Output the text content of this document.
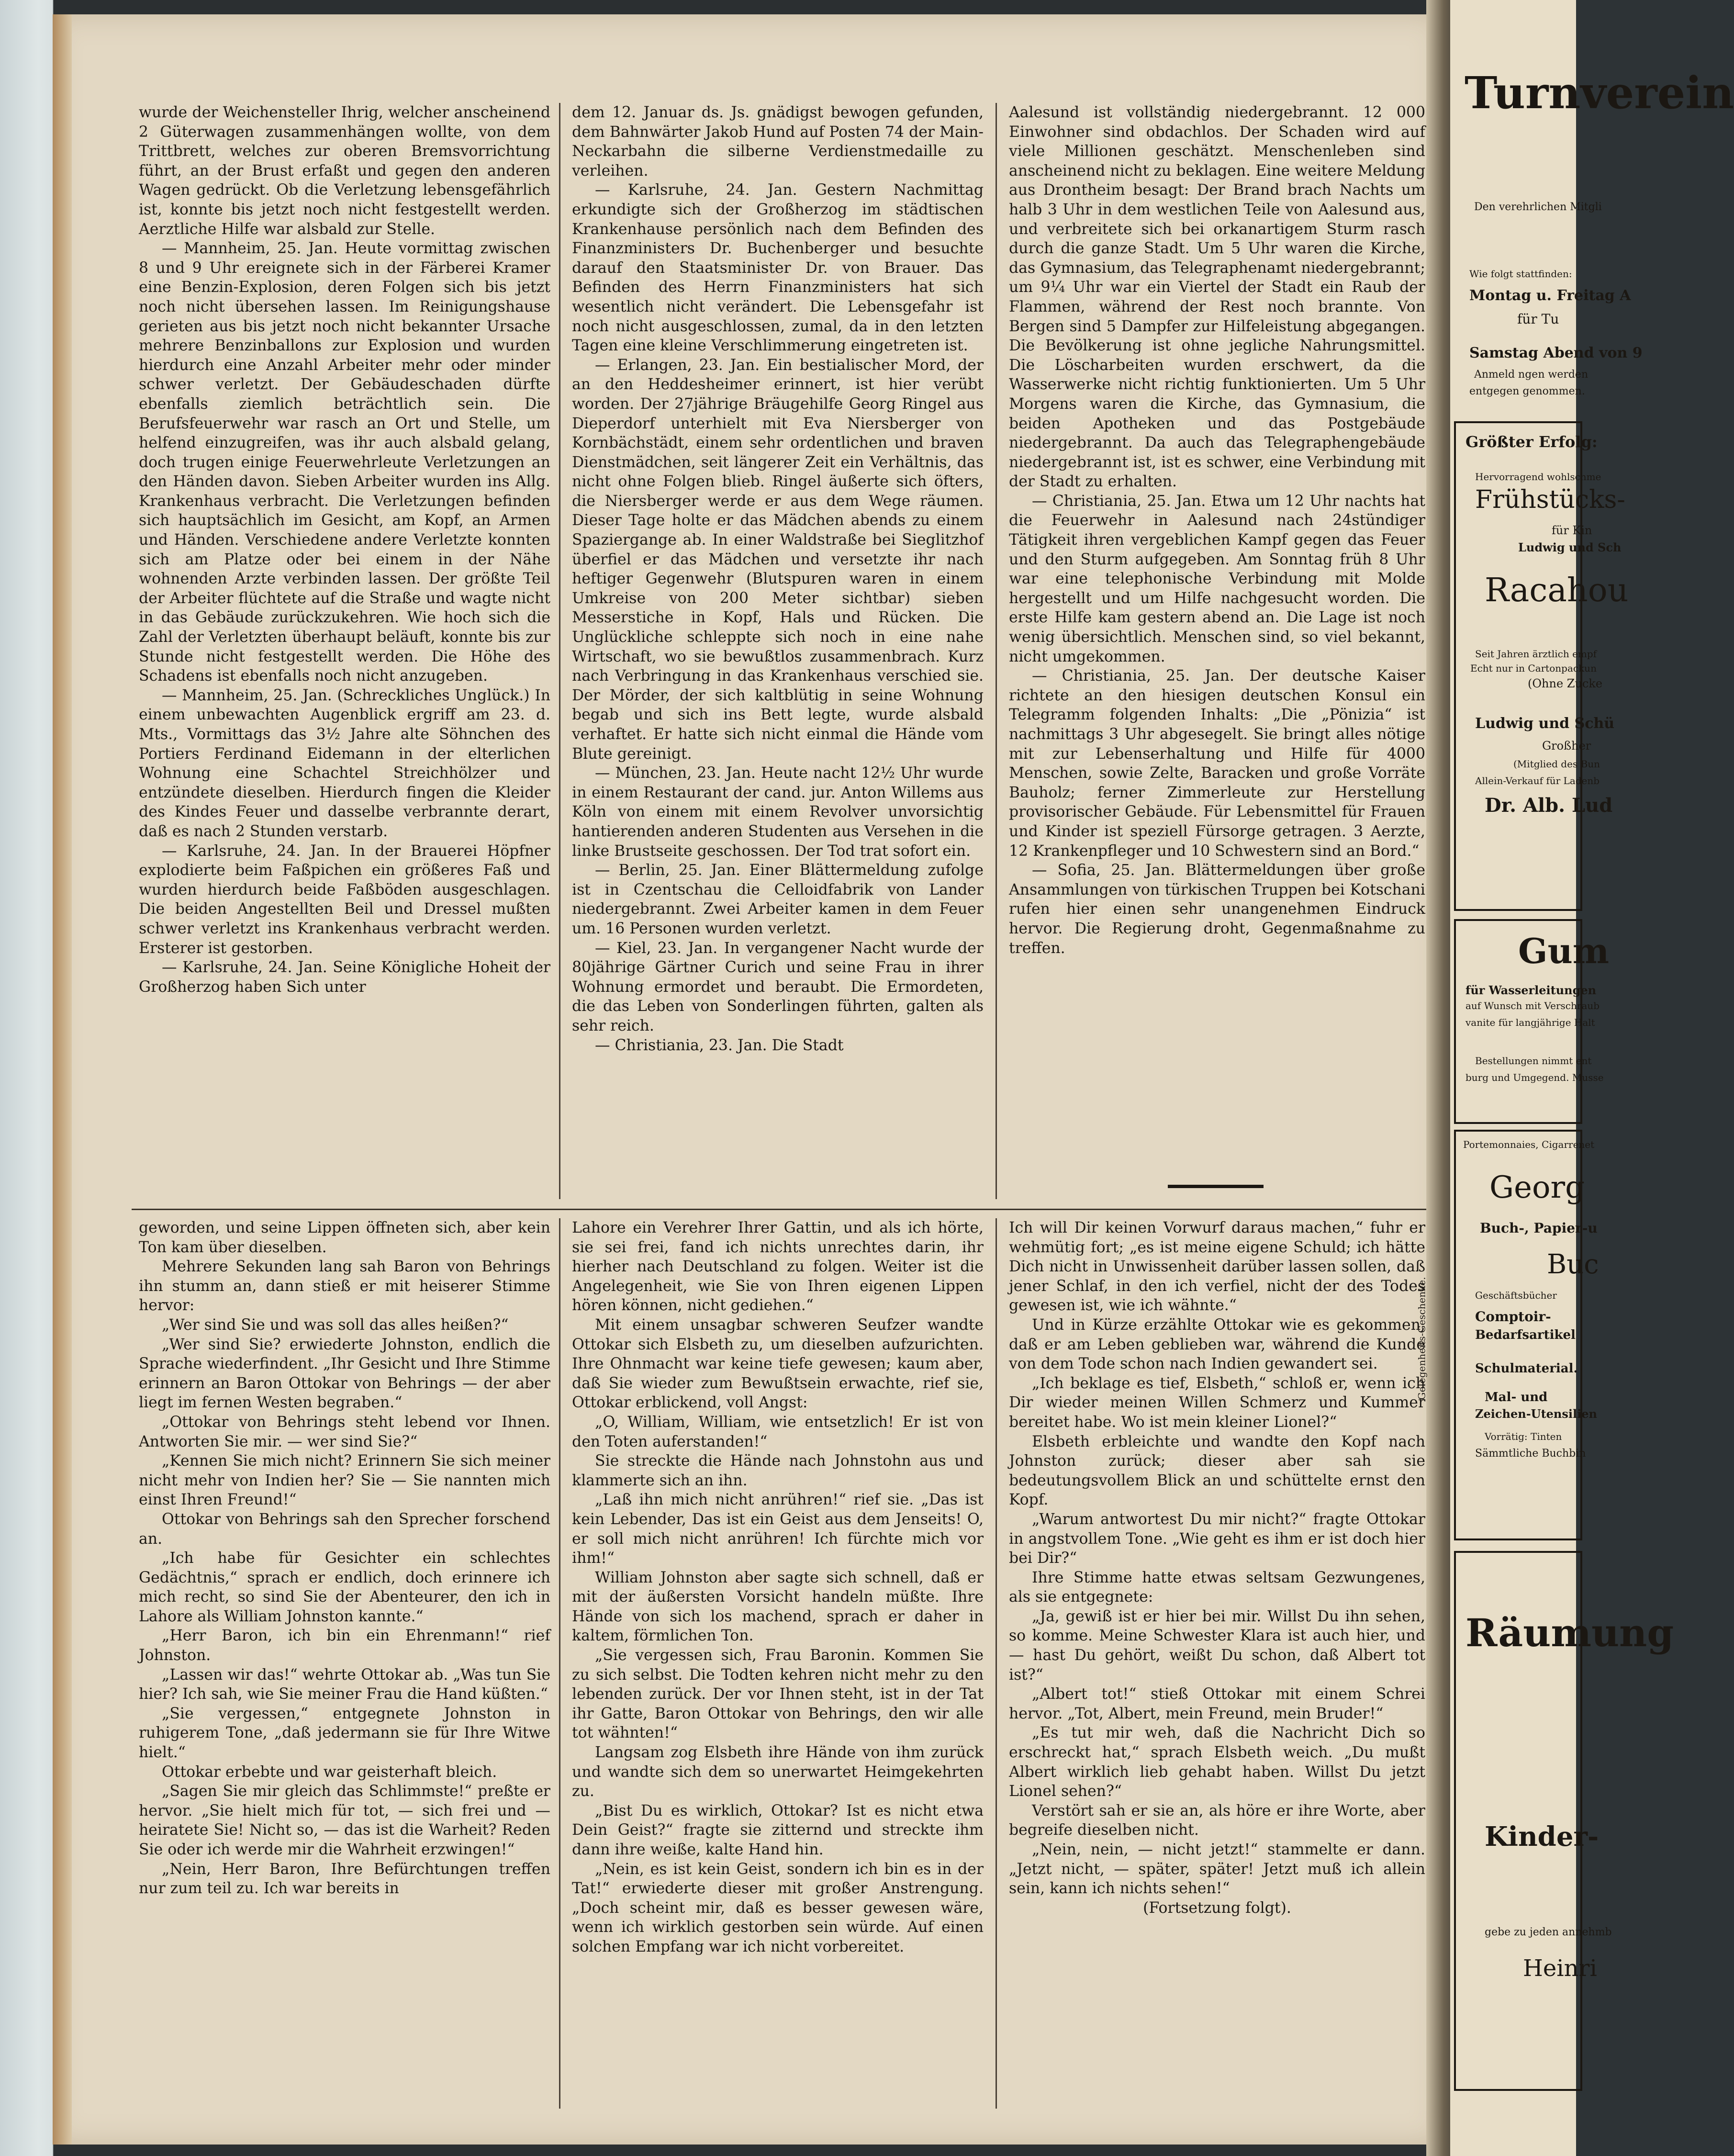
wurde der Weichensteller Ihrig, welcher anscheinend 2 Güterwagen zusammenhängen wollte, von dem Trittbrett, welches zur oberen Bremsvorrichtung führt, an der Brust erfaßt und gegen den anderen Wagen gedrückt. Ob die Verletzung lebensgefährlich ist, konnte bis jetzt noch nicht festgestellt werden. Aerztliche Hilfe war alsbald zur Stelle.

— Mannheim, 25. Jan. Heute vormittag zwischen 8 und 9 Uhr ereignete sich in der Färberei Kramer eine Benzin-Explosion, deren Folgen sich bis jetzt noch nicht übersehen lassen. Im Reinigungshause gerieten aus bis jetzt noch nicht bekannter Ursache mehrere Benzinballons zur Explosion und wurden hierdurch eine Anzahl Arbeiter mehr oder minder schwer verletzt. Der Gebäudeschaden dürfte ebenfalls ziemlich beträchtlich sein. Die Berufsfeuerwehr war rasch an Ort und Stelle, um helfend einzugreifen, was ihr auch alsbald gelang, doch trugen einige Feuerwehrleute Verletzungen an den Händen davon. Sieben Arbeiter wurden ins Allg. Krankenhaus verbracht. Die Verletzungen befinden sich hauptsächlich im Gesicht, am Kopf, an Armen und Händen. Verschiedene andere Verletzte konnten sich am Platze oder bei einem in der Nähe wohnenden Arzte verbinden lassen. Der größte Teil der Arbeiter flüchtete auf die Straße und wagte nicht in das Gebäude zurückzukehren. Wie hoch sich die Zahl der Verletzten überhaupt beläuft, konnte bis zur Stunde nicht festgestellt werden. Die Höhe des Schadens ist ebenfalls noch nicht anzugeben.

— Mannheim, 25. Jan. (Schreckliches Unglück.) In einem unbewachten Augenblick ergriff am 23. d. Mts., Vormittags das 3½ Jahre alte Söhnchen des Portiers Ferdinand Eidemann in der elterlichen Wohnung eine Schachtel Streichhölzer und entzündete dieselben. Hierdurch fingen die Kleider des Kindes Feuer und dasselbe verbrannte derart, daß es nach 2 Stunden verstarb.

— Karlsruhe, 24. Jan. In der Brauerei Höpfner explodierte beim Faßpichen ein größeres Faß und wurden hierdurch beide Faßböden ausgeschlagen. Die beiden Angestellten Beil und Dressel mußten schwer verletzt ins Krankenhaus verbracht werden. Ersterer ist gestorben.

— Karlsruhe, 24. Jan. Seine Königliche Hoheit der Großherzog haben Sich unter

dem 12. Januar ds. Js. gnädigst bewogen gefunden, dem Bahnwärter Jakob Hund auf Posten 74 der Main-Neckarbahn die silberne Verdienstmedaille zu verleihen.

— Karlsruhe, 24. Jan. Gestern Nachmittag erkundigte sich der Großherzog im städtischen Krankenhause persönlich nach dem Befinden des Finanzministers Dr. Buchenberger und besuchte darauf den Staatsminister Dr. von Brauer. Das Befinden des Herrn Finanzministers hat sich wesentlich nicht verändert. Die Lebensgefahr ist noch nicht ausgeschlossen, zumal, da in den letzten Tagen eine kleine Verschlimmerung eingetreten ist.

— Erlangen, 23. Jan. Ein bestialischer Mord, der an den Heddesheimer erinnert, ist hier verübt worden. Der 27jährige Bräugehilfe Georg Ringel aus Dieperdorf unterhielt mit Eva Niersberger von Kornbächstädt, einem sehr ordentlichen und braven Dienstmädchen, seit längerer Zeit ein Verhältnis, das nicht ohne Folgen blieb. Ringel äußerte sich öfters, die Niersberger werde er aus dem Wege räumen. Dieser Tage holte er das Mädchen abends zu einem Spaziergange ab. In einer Waldstraße bei Sieglitzhof überfiel er das Mädchen und versetzte ihr nach heftiger Gegenwehr (Blutspuren waren in einem Umkreise von 200 Meter sichtbar) sieben Messerstiche in Kopf, Hals und Rücken. Die Unglückliche schleppte sich noch in eine nahe Wirtschaft, wo sie bewußtlos zusammenbrach. Kurz nach Verbringung in das Krankenhaus verschied sie. Der Mörder, der sich kaltblütig in seine Wohnung begab und sich ins Bett legte, wurde alsbald verhaftet. Er hatte sich nicht einmal die Hände vom Blute gereinigt.

— München, 23. Jan. Heute nacht 12½ Uhr wurde in einem Restaurant der cand. jur. Anton Willems aus Köln von einem mit einem Revolver unvorsichtig hantierenden anderen Studenten aus Versehen in die linke Brustseite geschossen. Der Tod trat sofort ein.

— Berlin, 25. Jan. Einer Blättermeldung zufolge ist in Czentschau die Celloidfabrik von Lander niedergebrannt. Zwei Arbeiter kamen in dem Feuer um. 16 Personen wurden verletzt.

— Kiel, 23. Jan. In vergangener Nacht wurde der 80jährige Gärtner Curich und seine Frau in ihrer Wohnung ermordet und beraubt. Die Ermordeten, die das Leben von Sonderlingen führten, galten als sehr reich.

— Christiania, 23. Jan. Die Stadt

Aalesund ist vollständig niedergebrannt. 12 000 Einwohner sind obdachlos. Der Schaden wird auf viele Millionen geschätzt. Menschenleben sind anscheinend nicht zu beklagen. Eine weitere Meldung aus Drontheim besagt: Der Brand brach Nachts um halb 3 Uhr in dem westlichen Teile von Aalesund aus, und verbreitete sich bei orkanartigem Sturm rasch durch die ganze Stadt. Um 5 Uhr waren die Kirche, das Gymnasium, das Telegraphenamt niedergebrannt; um 9¼ Uhr war ein Viertel der Stadt ein Raub der Flammen, während der Rest noch brannte. Von Bergen sind 5 Dampfer zur Hilfeleistung abgegangen. Die Bevölkerung ist ohne jegliche Nahrungsmittel. Die Löscharbeiten wurden erschwert, da die Wasserwerke nicht richtig funktionierten. Um 5 Uhr Morgens waren die Kirche, das Gymnasium, die beiden Apotheken und das Postgebäude niedergebrannt. Da auch das Telegraphengebäude niedergebrannt ist, ist es schwer, eine Verbindung mit der Stadt zu erhalten.

— Christiania, 25. Jan. Etwa um 12 Uhr nachts hat die Feuerwehr in Aalesund nach 24stündiger Tätigkeit ihren vergeblichen Kampf gegen das Feuer und den Sturm aufgegeben. Am Sonntag früh 8 Uhr war eine telephonische Verbindung mit Molde hergestellt und um Hilfe nachgesucht worden. Die erste Hilfe kam gestern abend an. Die Lage ist noch wenig übersichtlich. Menschen sind, so viel bekannt, nicht umgekommen.

— Christiania, 25. Jan. Der deutsche Kaiser richtete an den hiesigen deutschen Konsul ein Telegramm folgenden Inhalts: „Die „Pönizia“ ist nachmittags 3 Uhr abgesegelt. Sie bringt alles nötige mit zur Lebenserhaltung und Hilfe für 4000 Menschen, sowie Zelte, Baracken und große Vorräte Bauholz; ferner Zimmerleute zur Herstellung provisorischer Gebäude. Für Lebensmittel für Frauen und Kinder ist speziell Fürsorge getragen. 3 Aerzte, 12 Krankenpfleger und 10 Schwestern sind an Bord.“

— Sofia, 25. Jan. Blättermeldungen über große Ansammlungen von türkischen Truppen bei Kotschani rufen hier einen sehr unangenehmen Eindruck hervor. Die Regierung droht, Gegenmaßnahme zu treffen.

geworden, und seine Lippen öffneten sich, aber kein Ton kam über dieselben.

Mehrere Sekunden lang sah Baron von Behrings ihn stumm an, dann stieß er mit heiserer Stimme hervor:

„Wer sind Sie und was soll das alles heißen?“

„Wer sind Sie? erwiederte Johnston, endlich die Sprache wiederfindent. „Ihr Gesicht und Ihre Stimme erinnern an Baron Ottokar von Behrings — der aber liegt im fernen Westen begraben.“

„Ottokar von Behrings steht lebend vor Ihnen. Antworten Sie mir. — wer sind Sie?“

„Kennen Sie mich nicht? Erinnern Sie sich meiner nicht mehr von Indien her? Sie — Sie nannten mich einst Ihren Freund!“

Ottokar von Behrings sah den Sprecher forschend an.

„Ich habe für Gesichter ein schlechtes Gedächtnis,“ sprach er endlich, doch erinnere ich mich recht, so sind Sie der Abenteurer, den ich in Lahore als William Johnston kannte.“

„Herr Baron, ich bin ein Ehrenmann!“ rief Johnston.

„Lassen wir das!“ wehrte Ottokar ab. „Was tun Sie hier? Ich sah, wie Sie meiner Frau die Hand küßten.“

„Sie vergessen,“ entgegnete Johnston in ruhigerem Tone, „daß jedermann sie für Ihre Witwe hielt.“

Ottokar erbebte und war geisterhaft bleich.

„Sagen Sie mir gleich das Schlimmste!“ preßte er hervor. „Sie hielt mich für tot, — sich frei und — heiratete Sie! Nicht so, — das ist die Warheit? Reden Sie oder ich werde mir die Wahrheit erzwingen!“

„Nein, Herr Baron, Ihre Befürchtungen treffen nur zum teil zu. Ich war bereits in

Lahore ein Verehrer Ihrer Gattin, und als ich hörte, sie sei frei, fand ich nichts unrechtes darin, ihr hierher nach Deutschland zu folgen. Weiter ist die Angelegenheit, wie Sie von Ihren eigenen Lippen hören können, nicht gediehen.“

Mit einem unsagbar schweren Seufzer wandte Ottokar sich Elsbeth zu, um dieselben aufzurichten. Ihre Ohnmacht war keine tiefe gewesen; kaum aber, daß Sie wieder zum Bewußtsein erwachte, rief sie, Ottokar erblickend, voll Angst:

„O, William, William, wie entsetzlich! Er ist von den Toten auferstanden!“

Sie streckte die Hände nach Johnstohn aus und klammerte sich an ihn.

„Laß ihn mich nicht anrühren!“ rief sie. „Das ist kein Lebender, Das ist ein Geist aus dem Jenseits! O, er soll mich nicht anrühren! Ich fürchte mich vor ihm!“

William Johnston aber sagte sich schnell, daß er mit der äußersten Vorsicht handeln müßte. Ihre Hände von sich los machend, sprach er daher in kaltem, förmlichen Ton.

„Sie vergessen sich, Frau Baronin. Kommen Sie zu sich selbst. Die Todten kehren nicht mehr zu den lebenden zurück. Der vor Ihnen steht, ist in der Tat ihr Gatte, Baron Ottokar von Behrings, den wir alle tot wähnten!“

Langsam zog Elsbeth ihre Hände von ihm zurück und wandte sich dem so unerwartet Heimgekehrten zu.

„Bist Du es wirklich, Ottokar? Ist es nicht etwa Dein Geist?“ fragte sie zitternd und streckte ihm dann ihre weiße, kalte Hand hin.

„Nein, es ist kein Geist, sondern ich bin es in der Tat!“ erwiederte dieser mit großer Anstrengung. „Doch scheint mir, daß es besser gewesen wäre, wenn ich wirklich gestorben sein würde. Auf einen solchen Empfang war ich nicht vorbereitet.

Ich will Dir keinen Vorwurf daraus machen,“ fuhr er wehmütig fort; „es ist meine eigene Schuld; ich hätte Dich nicht in Unwissenheit darüber lassen sollen, daß jener Schlaf, in den ich verfiel, nicht der des Todes gewesen ist, wie ich wähnte.“

Und in Kürze erzählte Ottokar wie es gekommen, daß er am Leben geblieben war, während die Kunde von dem Tode schon nach Indien gewandert sei.

„Ich beklage es tief, Elsbeth,“ schloß er, wenn ich Dir wieder meinen Willen Schmerz und Kummer bereitet habe. Wo ist mein kleiner Lionel?“

Elsbeth erbleichte und wandte den Kopf nach Johnston zurück; dieser aber sah sie bedeutungsvollem Blick an und schüttelte ernst den Kopf.

„Warum antwortest Du mir nicht?“ fragte Ottokar in angstvollem Tone. „Wie geht es ihm er ist doch hier bei Dir?“

Ihre Stimme hatte etwas seltsam Gezwungenes, als sie entgegnete:

„Ja, gewiß ist er hier bei mir. Willst Du ihn sehen, so komme. Meine Schwester Klara ist auch hier, und — hast Du gehört, weißt Du schon, daß Albert tot ist?“

„Albert tot!“ stieß Ottokar mit einem Schrei hervor. „Tot, Albert, mein Freund, mein Bruder!“

„Es tut mir weh, daß die Nachricht Dich so erschreckt hat,“ sprach Elsbeth weich. „Du mußt Albert wirklich lieb gehabt haben. Willst Du jetzt Lionel sehen?“

Verstört sah er sie an, als höre er ihre Worte, aber begreife dieselben nicht.

„Nein, nein, — nicht jetzt!“ stammelte er dann. „Jetzt nicht, — später, später! Jetzt muß ich allein sein, kann ich nichts sehen!“

(Fortsetzung folgt).

Turnverein
Den verehrlichen Mitgli
Wie folgt stattfinden:
Montag u. Freitag A
für Tu
Samstag Abend von 9
Anmeld ngen werden
entgegen genommen.
Größter Erfolg:
Hervorragend wohlschme
Frühstücks-
für Kin
Ludwig und Sch
Racahou
Seit Jahren ärztlich empf
Echt nur in Cartonpackun
(Ohne Zucke
Ludwig und Schü
Großher
(Mitglied des Bun
Allein-Verkauf für Ladenb
Dr. Alb. Lud
Gum
für Wasserleitungen
auf Wunsch mit Verschraub
vanite für langjährige Halt
Bestellungen nimmt ent
burg und Umgegend. Musse
Portemonnaies, Cigarrenet
Georg
Buch-, Papier-u
Buc
Geschäftsbücher
Comptoir-
Bedarfsartikel
Schulmaterial.
Mal- und
Zeichen-Utensilien
Vorrätig: Tinten
Sämmtliche Buchbin
Gelegenheits-Geschenke.
Räumung
Kinder-
gebe zu jeden annehmb
Heinri
